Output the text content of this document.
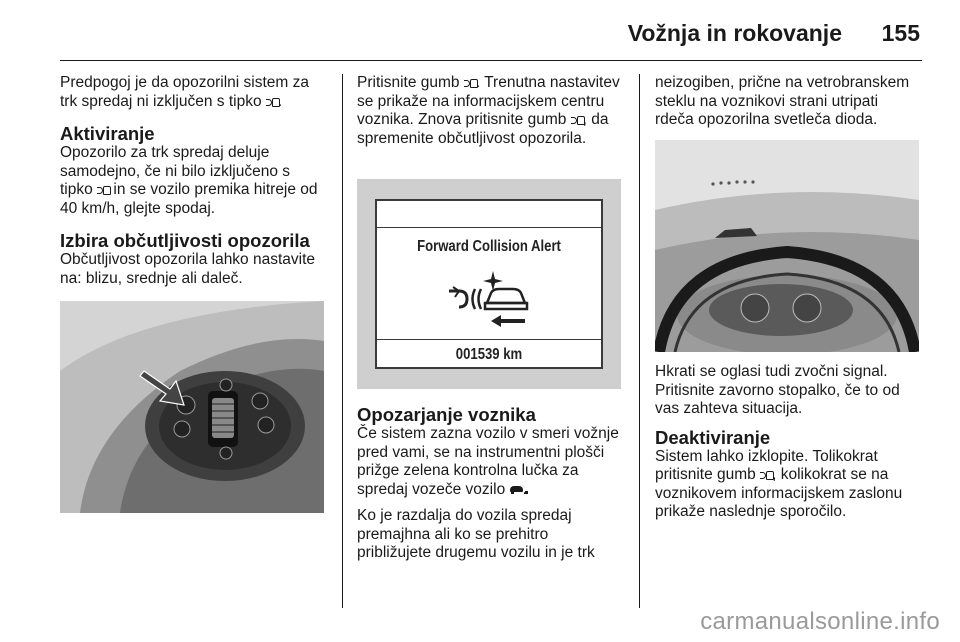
Vožnja in rokovanje 155

Predpogoj je da opozorilni sistem za trk spredaj ni izključen s tipko .

Aktiviranje

Opozorilo za trk spredaj deluje samodejno, če ni bilo izključeno s tipko  in se vozilo premika hitreje od 40 km/h, glejte spodaj.

Izbira občutljivosti opozorila

Občutljivost opozorila lahko nastavite na: blizu, srednje ali daleč.

Pritisnite gumb . Trenutna nastavitev se prikaže na informacijskem centru voznika. Znova pritisnite gumb , da spremenite občutljivost opozorila.

Forward Collision Alert
001539 km
Opozarjanje voznika

Če sistem zazna vozilo v smeri vožnje pred vami, se na instrumentni plošči prižge zelena kontrolna lučka za spredaj vozeče vozilo .

Ko je razdalja do vozila spredaj premajhna ali ko se prehitro približujete drugemu vozilu in je trk

neizogiben, prične na vetrobranskem steklu na voznikovi strani utripati rdeča opozorilna svetleča dioda.

Hkrati se oglasi tudi zvočni signal. Pritisnite zavorno stopalko, če to od vas zahteva situacija.

Deaktiviranje

Sistem lahko izklopite. Tolikokrat pritisnite gumb , kolikokrat se na voznikovem informacijskem zaslonu prikaže naslednje sporočilo.

carmanualsonline.info
